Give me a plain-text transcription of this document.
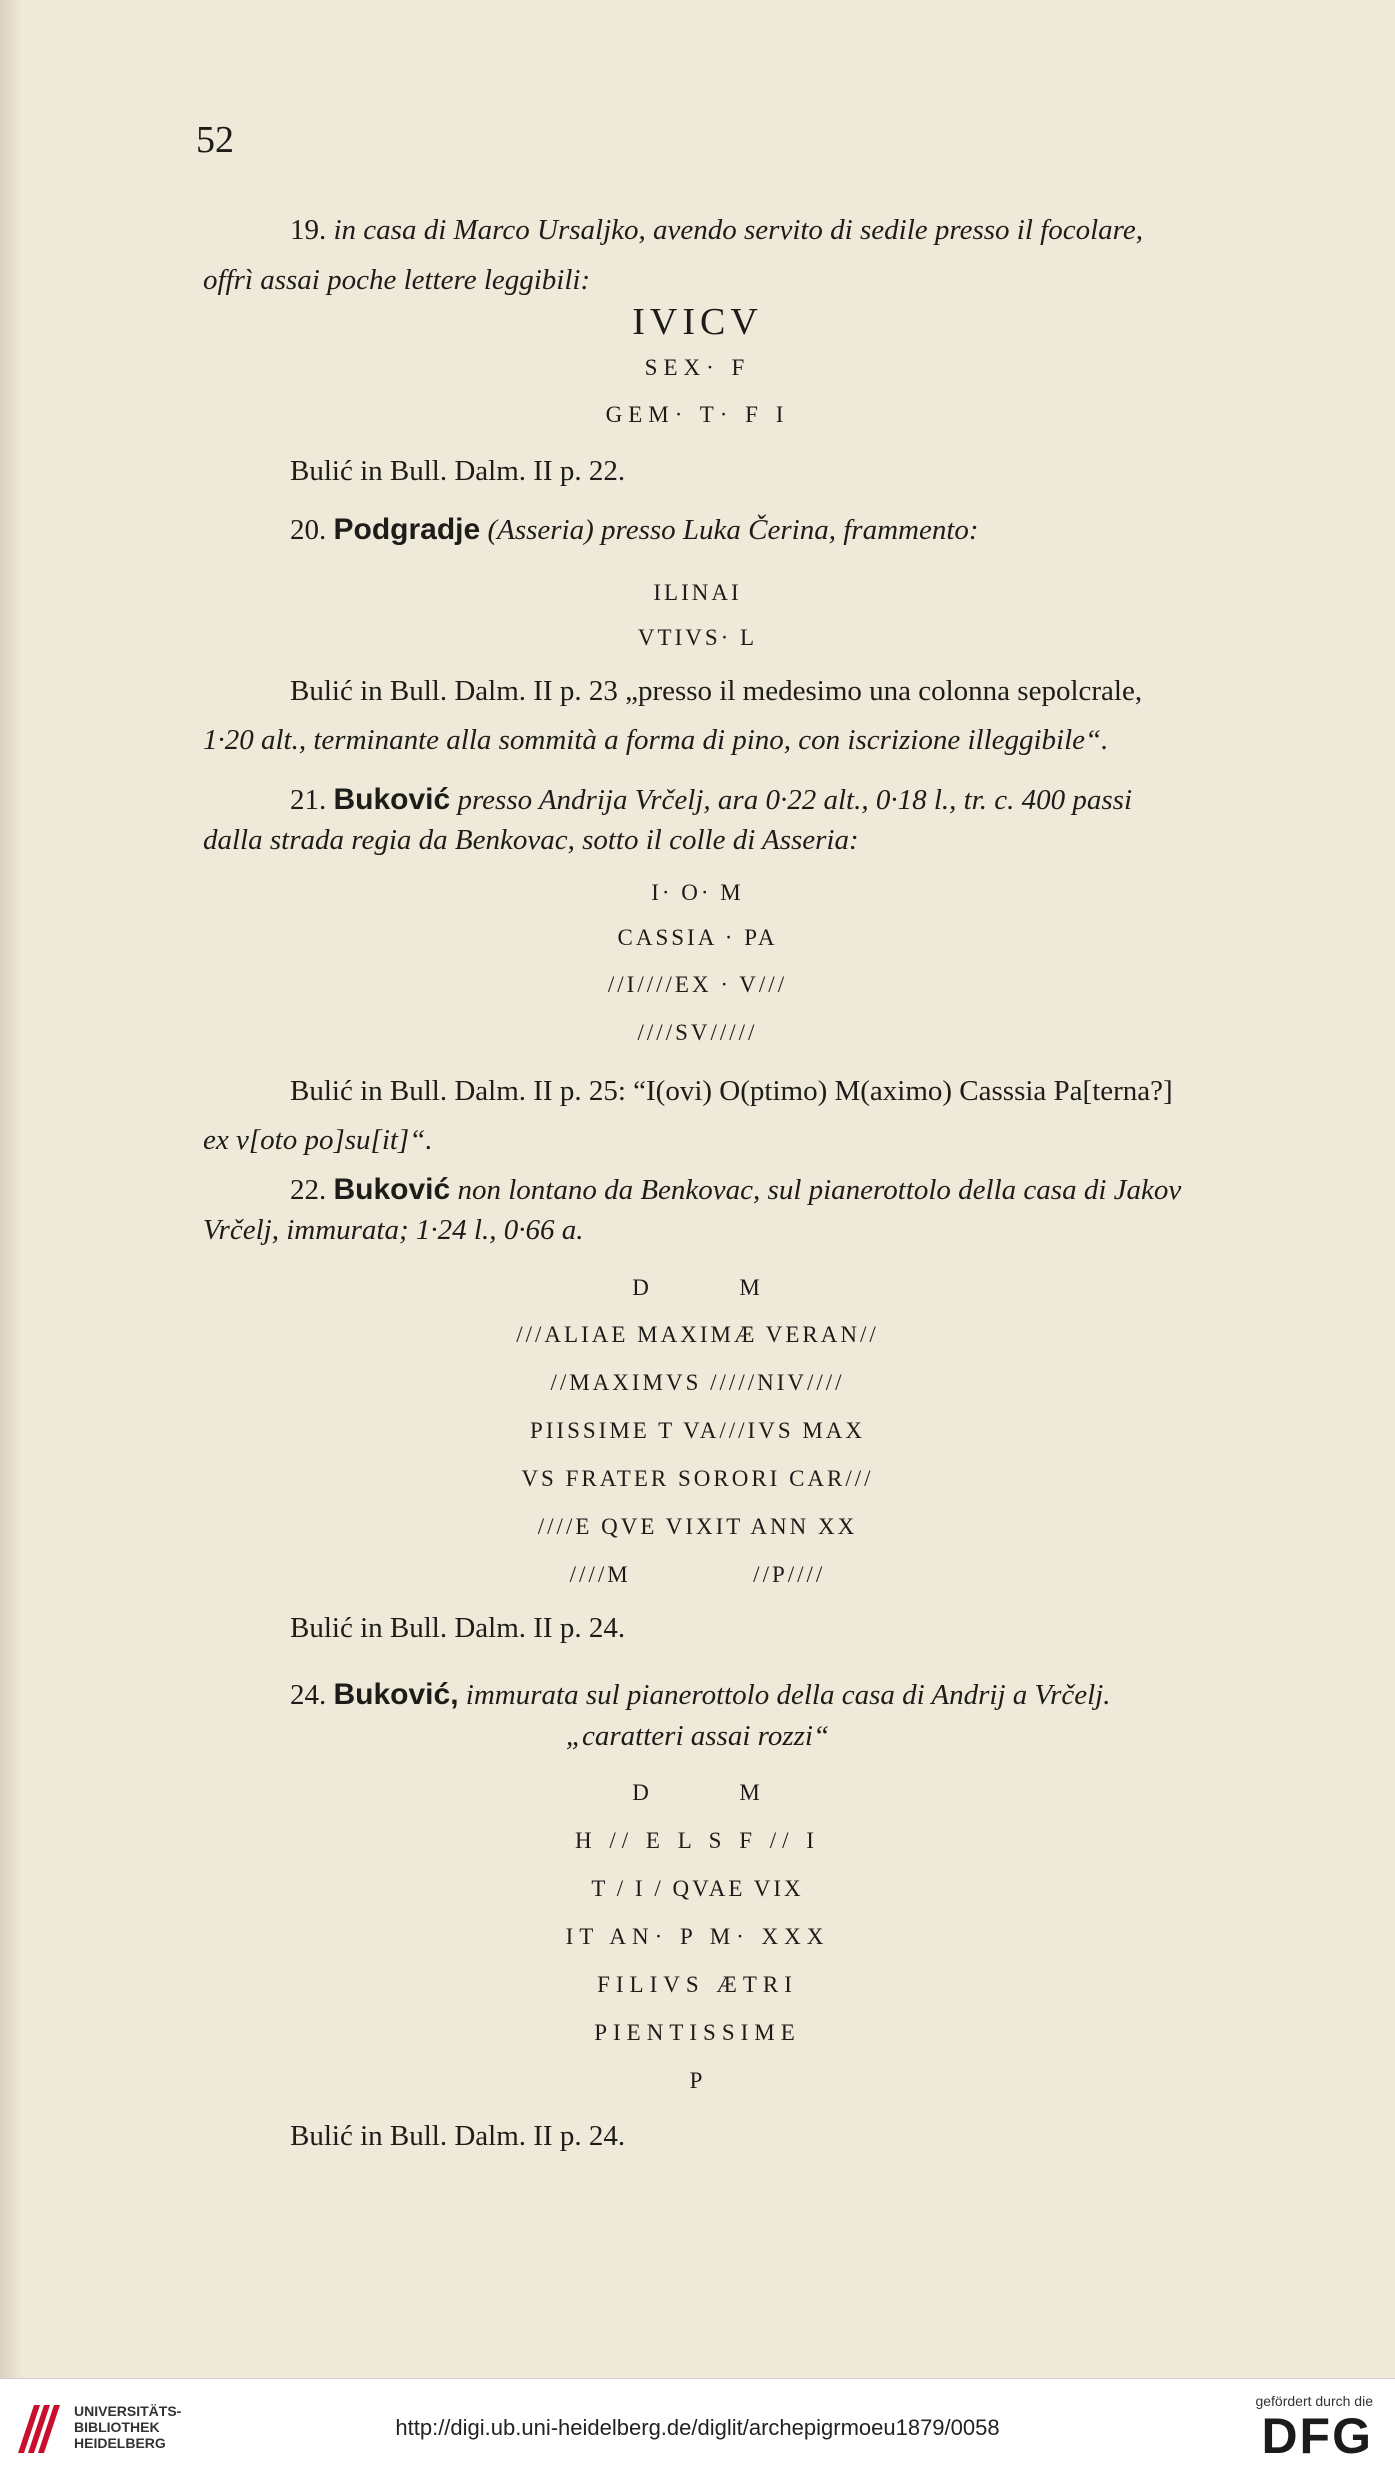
52

19. in casa di Marco Ursaljko, avendo servito di sedile presso il focolare,

offrì assai poche lettere leggibili:

IVICV

SEX· F

GEM· T· F I

Bulić in Bull. Dalm. II p. 22.

20. Podgradje (Asseria) presso Luka Čerina, frammento:

ILINAI

VTIVS· L

Bulić in Bull. Dalm. II p. 23 „presso il medesimo una colonna sepolcrale,

1·20 alt., terminante alla sommità a forma di pino, con iscrizione illeggibile“.

21. Buković presso Andrija Vrčelj, ara 0·22 alt., 0·18 l., tr. c. 400 passi

dalla strada regia da Benkovac, sotto il colle di Asseria:

I· O· M

CASSIA · PA

//I////EX · V///

////SV/////

Bulić in Bull. Dalm. II p. 25: “I(ovi) O(ptimo) M(aximo) Casssia Pa[terna?]

ex v[oto po]su[it]“.

22. Buković non lontano da Benkovac, sul pianerottolo della casa di Jakov

Vrčelj, immurata; 1·24 l., 0·66 a.

D          M

///ALIAE MAXIMÆ VERAN//

//MAXIMVS /////NIV////

PIISSIME T VA///IVS MAX

VS FRATER SORORI CAR///

////E QVE VIXIT ANN XX

////M              //P////

Bulić in Bull. Dalm. II p. 24.

24. Buković, immurata sul pianerottolo della casa di Andrij a Vrčelj.

„caratteri assai rozzi“

D          M

H // E L S F // I

T / I / QVAE VIX

IT AN· P M· XXX

FILIVS ÆTRI

PIENTISSIME

P

Bulić in Bull. Dalm. II p. 24.

UNIVERSITÄTS-
BIBLIOTHEK
HEIDELBERG
http://digi.ub.uni-heidelberg.de/diglit/archepigrmoeu1879/0058
gefördert durch die
DFG
